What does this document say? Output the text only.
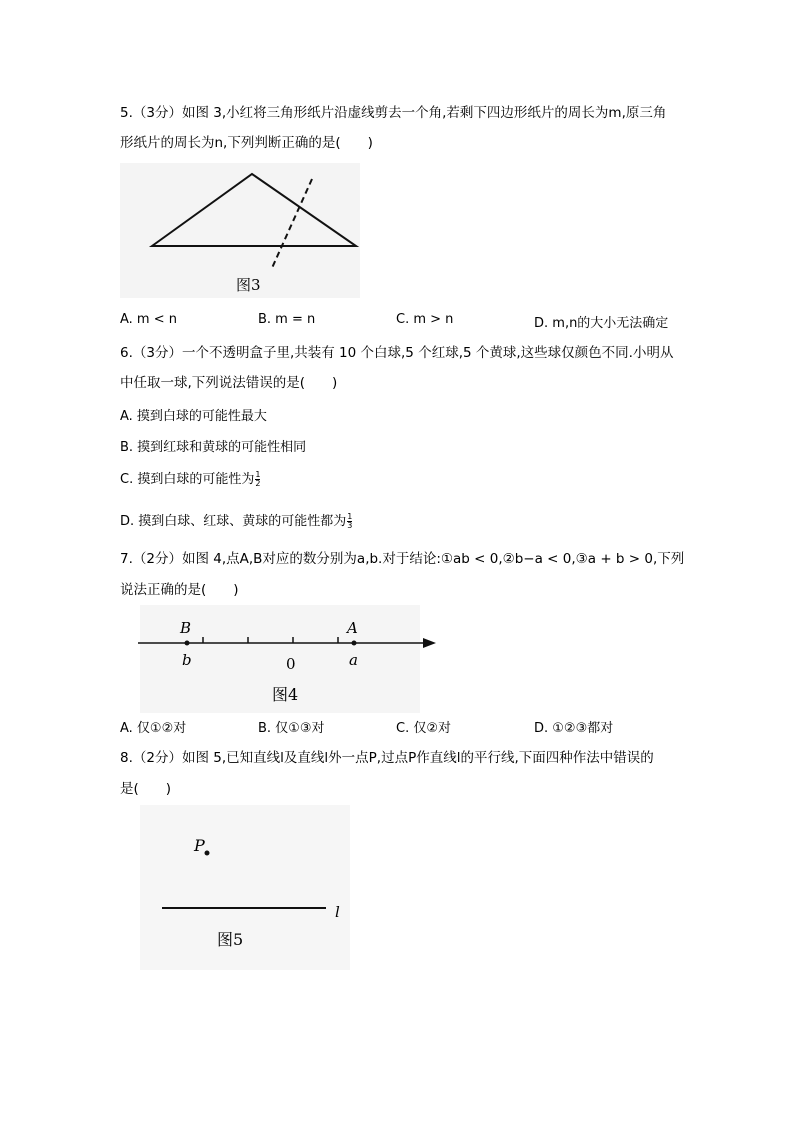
5.（3分）如图 3,小红将三角形纸片沿虚线剪去一个角,若剩下四边形纸片的周长为m,原三角
形纸片的周长为n,下列判断正确的是(　　)
图3
A. m < n	B. m = n	C. m > n	D. m,n的大小无法确定
6.（3分）一个不透明盒子里,共装有 10 个白球,5 个红球,5 个黄球,这些球仅颜色不同.小明从
中任取一球,下列说法错误的是(　　)
A. 摸到白球的可能性最大
B. 摸到红球和黄球的可能性相同
C. 摸到白球的可能性为 $\frac{1}{2}$
D. 摸到白球、红球、黄球的可能性都为 $\frac{1}{3}$
7.（2分）如图 4,点A,B对应的数分别为a,b.对于结论:①ab < 0,②b−a < 0,③a + b > 0,下列
说法正确的是(　　)
B
b	0
A
a
图4
A. 仅①②对	B. 仅①③对	C. 仅②对	D. ①②③都对
8.（2分）如图 5,已知直线l及直线l外一点P,过点P作直线l的平行线,下面四种作法中错误的
是(　　)
P
l
图5
